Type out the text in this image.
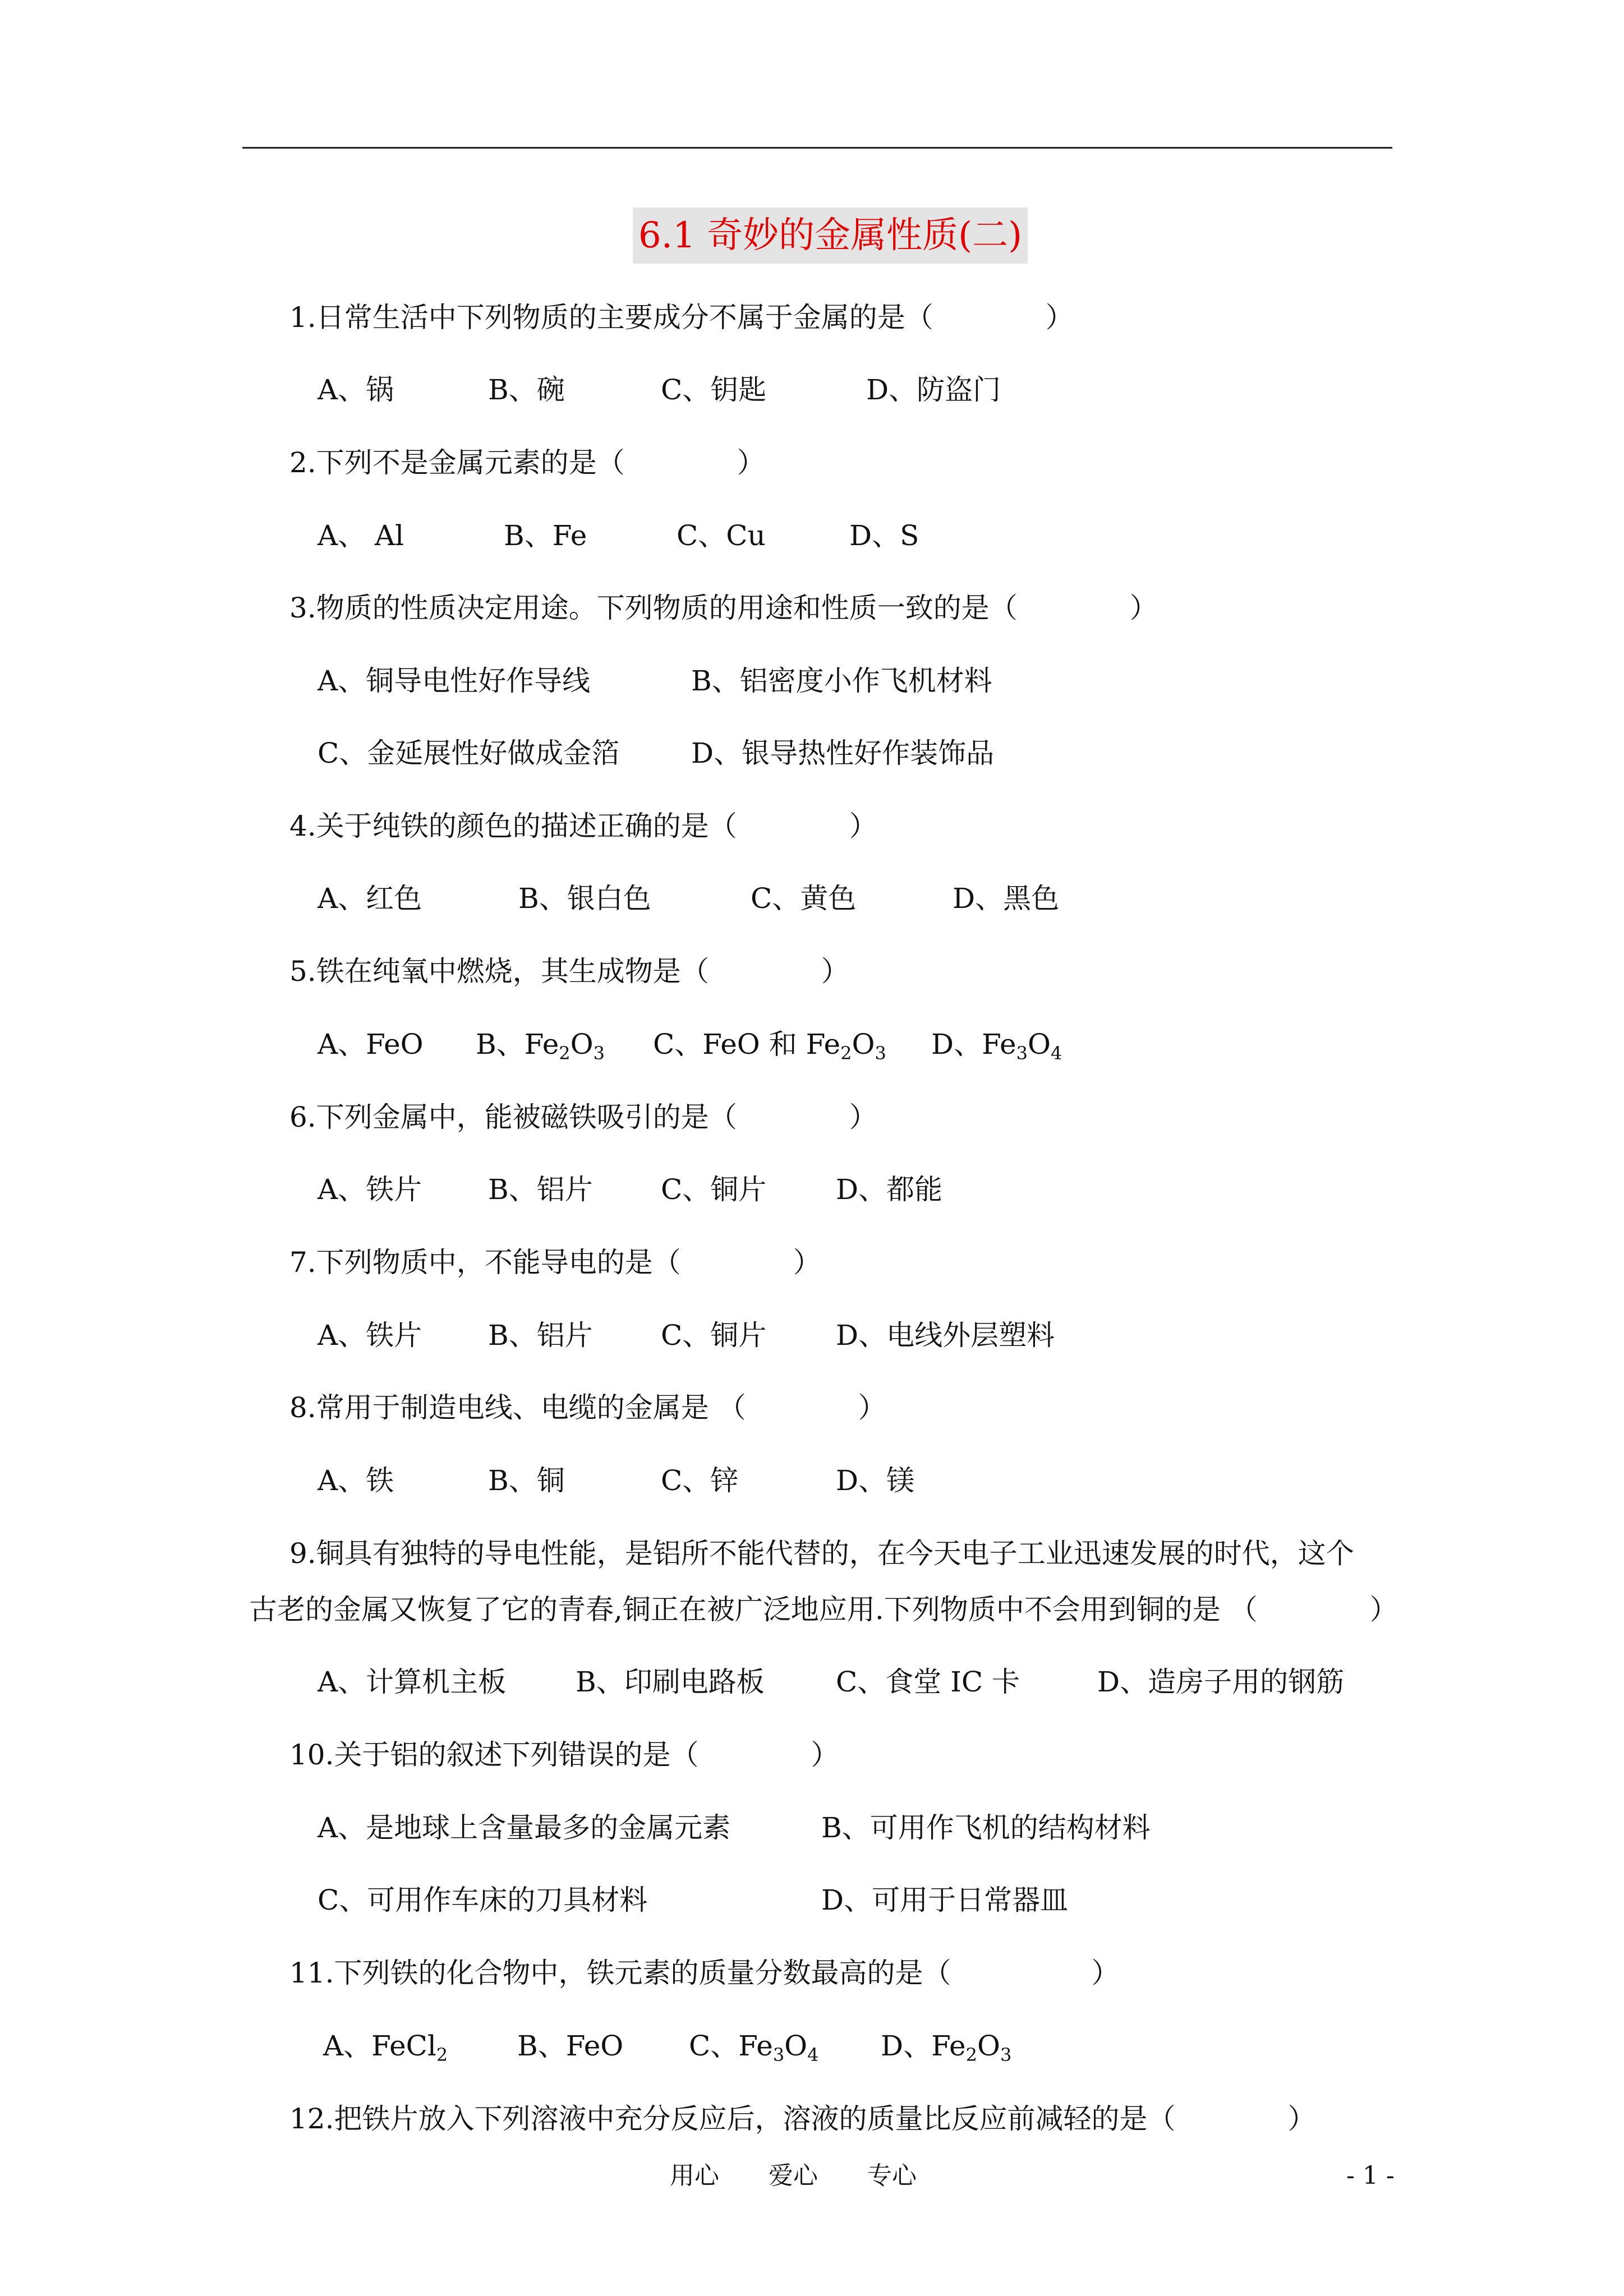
6.1 奇妙的金属性质(二)
1.日常生活中下列物质的主要成分不属于金属的是（　　　　）
A、锅	B、碗	C、钥匙	D、防盗门
2.下列不是金属元素的是（　　　　）
A、 Al	B、Fe	C、Cu	D、S
3.物质的性质决定用途。下列物质的用途和性质一致的是（　　　　）
A、铜导电性好作导线	B、铝密度小作飞机材料
C、金延展性好做成金箔	D、银导热性好作装饰品
4.关于纯铁的颜色的描述正确的是（　　　　）
A、红色	B、银白色	C、黄色	D、黑色
5.铁在纯氧中燃烧，其生成物是（　　　　）
A、FeO B、$Fe_2O_3$ C、FeO 和 $Fe_2O_3$ D、$Fe_3O_4$
6.下列金属中，能被磁铁吸引的是（　　　　）
A、铁片 B、铝片 C、铜片 D、都能
7.下列物质中，不能导电的是（　　　　）
A、铁片 B、铝片 C、铜片 D、电线外层塑料
8.常用于制造电线、电缆的金属是 （　　　　）
A、铁	B、铜	C、锌	D、镁
9.铜具有独特的导电性能，是铝所不能代替的，在今天电子工业迅速发展的时代，这个
古老的金属又恢复了它的青春,铜正在被广泛地应用.下列物质中不会用到铜的是 （　　　　）
A、计算机主板 B、印刷电路板	C、食堂 IC 卡	D、造房子用的钢筋
10.关于铝的叙述下列错误的是（　　　　）
A、是地球上含量最多的金属元素	B、可用作飞机的结构材料
C、可用作车床的刀具材料	D、可用于日常器皿
11.下列铁的化合物中，铁元素的质量分数最高的是（　　　　　）
A、FeCl$_2$ B、FeO C、$Fe_3O_4$ D、$Fe_2O_3$
12.把铁片放入下列溶液中充分反应后，溶液的质量比反应前减轻的是（　　　　）
用心　　爱心　　专心	- 1 -
